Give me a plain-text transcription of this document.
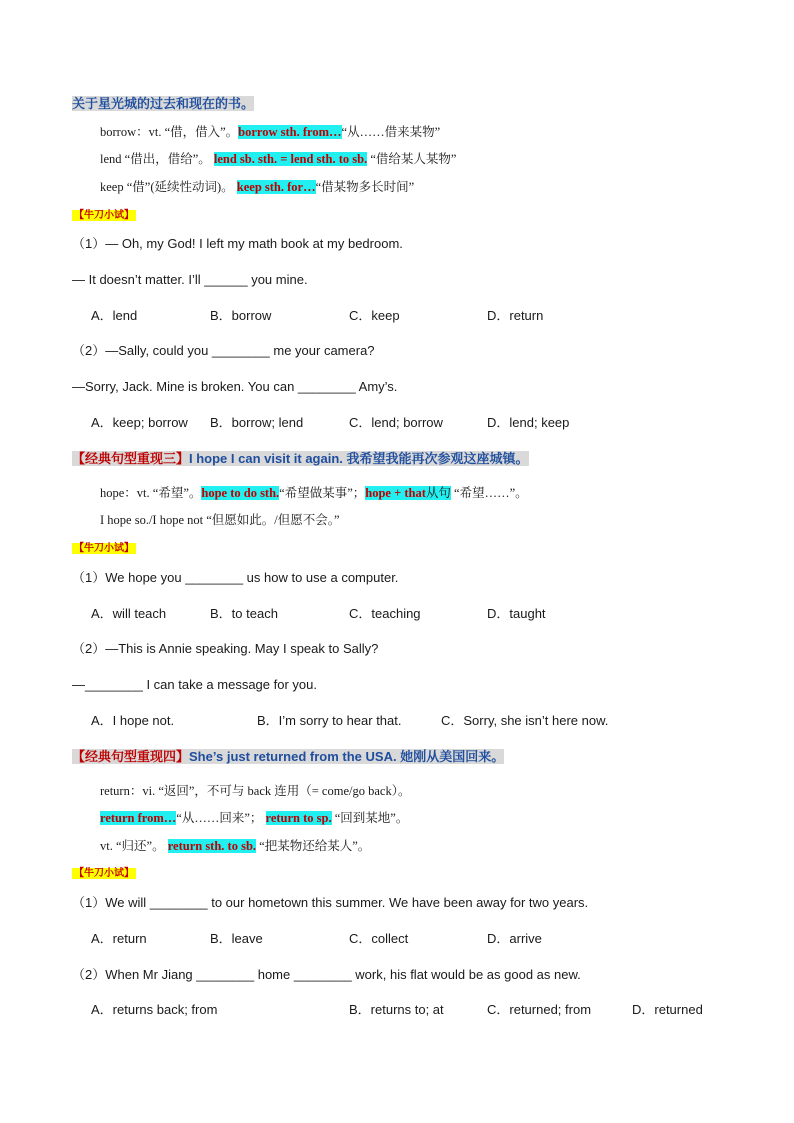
关于星光城的过去和现在的书。
borrow：vt. “借，借入”。borrow sth. from…“从……借来某物”
lend “借出，借给”。 lend sb. sth. = lend sth. to sb. “借给某人某物”
keep “借”(延续性动词)。 keep sth. for…“借某物多长时间”
【牛刀小试】
（1）— Oh, my God! I left my math book at my bedroom.
— It doesn’t matter. I’ll ______ you mine.
A．lend	B．borrow	C．keep	D．return
（2）—Sally, could you ________ me your camera?
—Sorry, Jack. Mine is broken. You can ________ Amy’s.
A．keep; borrow B．borrow; lend	C．lend; borrow	D．lend; keep
【经典句型重现三】I hope I can visit it again. 我希望我能再次参观这座城镇。
hope：vt. “希望”。hope to do sth.“希望做某事”；hope + that从句 “希望……”。
I hope so./I hope not “但愿如此。/但愿不会。”
【牛刀小试】
（1）We hope you ________ us how to use a computer.
A．will teach	B．to teach	C．teaching	D．taught
（2）—This is Annie speaking. May I speak to Sally?
—________ I can take a message for you.
A．I hope not.	B．I’m sorry to hear that.	C．Sorry, she isn’t here now.
【经典句型重现四】She’s just returned from the USA. 她刚从美国回来。
return：vi. “返回”，不可与 back 连用（= come/go back）。
return from…“从……回来”； return to sp. “回到某地”。
vt. “归还”。 return sth. to sb. “把某物还给某人”。
【牛刀小试】
（1）We will ________ to our hometown this summer. We have been away for two years.
A．return	B．leave	C．collect	D．arrive
（2）When Mr Jiang ________ home ________ work, his flat would be as good as new.
A．returns back; from	B．returns to; at	C．returned; from	D．returned
